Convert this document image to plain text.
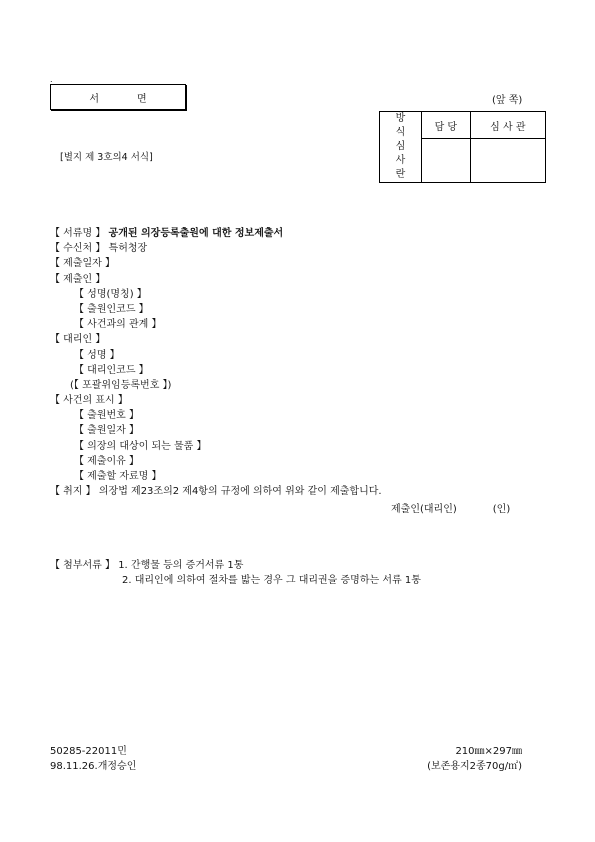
.
서	면	(앞 쪽)
[별지 제 3호의4 서식]
방
식
심
사
란	담 당	심 사 관

【 서류명 】 공개된 의장등록출원에 대한 정보제출서
【 수신처 】 특허청장
【 제출일자 】
【 제출인 】
【 성명(명칭) 】
【 출원인코드 】
【 사건과의 관계 】
【 대리인 】
【 성명 】
【 대리인코드 】
(【 포괄위임등록번호 】)
【 사건의 표시 】
【 출원번호 】
【 출원일자 】
【 의장의 대상이 되는 물품 】
【 제출이유 】
【 제출할 자료명 】
【 취지 】 의장법 제23조의2 제4항의 규정에 의하여 위와 같이 제출합니다.
제출인(대리인)	(인)
【 첨부서류 】 1. 간행물 등의 증거서류 1통
2. 대리인에 의하여 절차를 밟는 경우 그 대리권을 증명하는 서류 1통
50285-22011민
98.11.26.개정승인
210㎜×297㎜
(보존용지2종70g/㎡)
